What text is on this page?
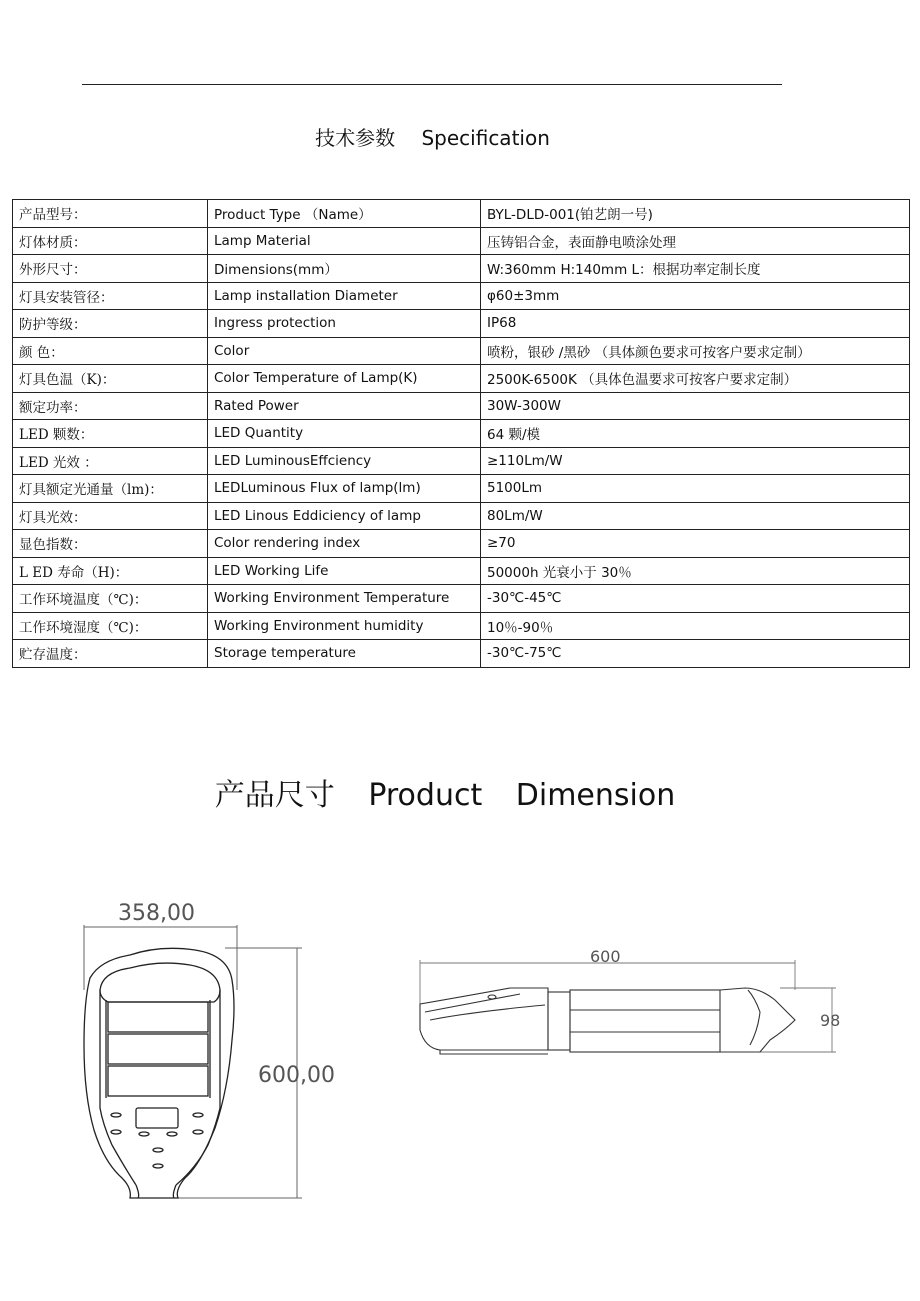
技术参数 Specification
产品型号：	Product Type （Name）	BYL-DLD-001(铂艺朗一号)
灯体材质：	Lamp Material	压铸铝合金，表面静电喷涂处理
外形尺寸：	Dimensions(mm）	W:360mm H:140mm L：根据功率定制长度
灯具安装管径：	Lamp installation Diameter	φ60±3mm
防护等级：	Ingress protection	IP68
颜 色：	Color	喷粉，银砂 /黑砂 （具体颜色要求可按客户要求定制）
灯具色温（K)：	Color Temperature of Lamp(K)	2500K-6500K （具体色温要求可按客户要求定制）
额定功率：	Rated Power	30W-300W
LED 颗数：	LED Quantity	64 颗/模
LED 光效 ：	LED LuminousEffciency	≥110Lm/W
灯具额定光通量（lm)：	LEDLuminous Flux of lamp(lm)	5100Lm
灯具光效：	LED Linous Eddiciency of lamp	80Lm/W
显色指数：	Color rendering index	≥70
L ED 寿命（H)：	LED Working Life	50000h 光衰小于 30％
工作环境温度（℃)：	Working Environment Temperature	-30℃-45℃
工作环境湿度（℃)：	Working Environment humidity	10％-90％
贮存温度：	Storage temperature	-30℃-75℃
产品尺寸 Product Dimension
358,00
600,00
600
98
